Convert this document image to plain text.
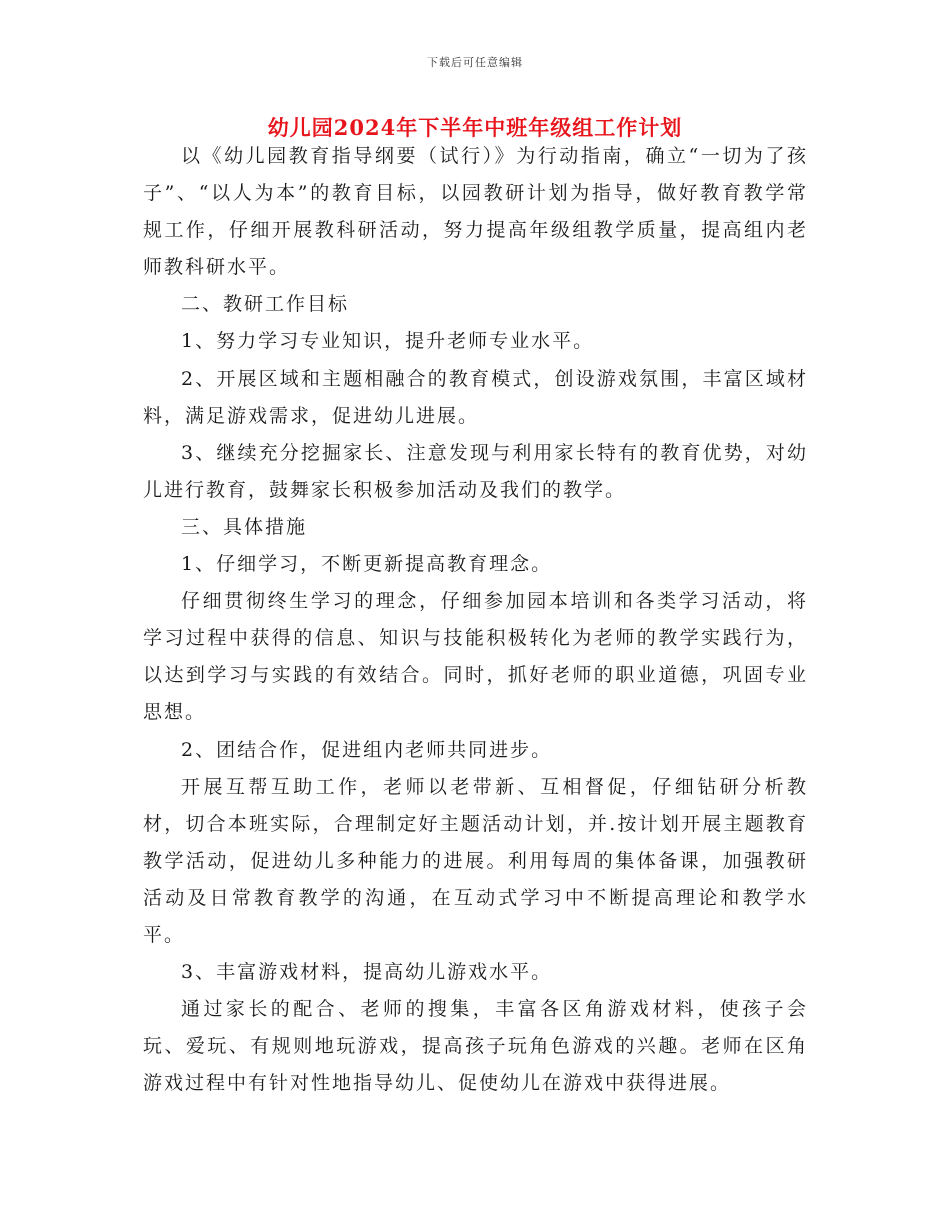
下载后可任意编辑
幼儿园2024年下半年中班年级组工作计划

以《幼儿园教育指导纲要（试行）》为行动指南，确立“一切为了孩子”、“以人为本”的教育目标，以园教研计划为指导，做好教育教学常规工作，仔细开展教科研活动，努力提高年级组教学质量，提高组内老师教科研水平。

二、教研工作目标

1、努力学习专业知识，提升老师专业水平。

2、开展区域和主题相融合的教育模式，创设游戏氛围，丰富区域材料，满足游戏需求，促进幼儿进展。

3、继续充分挖掘家长、注意发现与利用家长特有的教育优势，对幼儿进行教育，鼓舞家长积极参加活动及我们的教学。

三、具体措施

1、仔细学习，不断更新提高教育理念。

仔细贯彻终生学习的理念，仔细参加园本培训和各类学习活动，将学习过程中获得的信息、知识与技能积极转化为老师的教学实践行为，以达到学习与实践的有效结合。同时，抓好老师的职业道德，巩固专业思想。

2、团结合作，促进组内老师共同进步。

开展互帮互助工作，老师以老带新、互相督促，仔细钻研分析教材，切合本班实际，合理制定好主题活动计划，并.按计划开展主题教育教学活动，促进幼儿多种能力的进展。利用每周的集体备课，加强教研活动及日常教育教学的沟通，在互动式学习中不断提高理论和教学水平。

3、丰富游戏材料，提高幼儿游戏水平。

通过家长的配合、老师的搜集，丰富各区角游戏材料，使孩子会玩、爱玩、有规则地玩游戏，提高孩子玩角色游戏的兴趣。老师在区角游戏过程中有针对性地指导幼儿、促使幼儿在游戏中获得进展。
